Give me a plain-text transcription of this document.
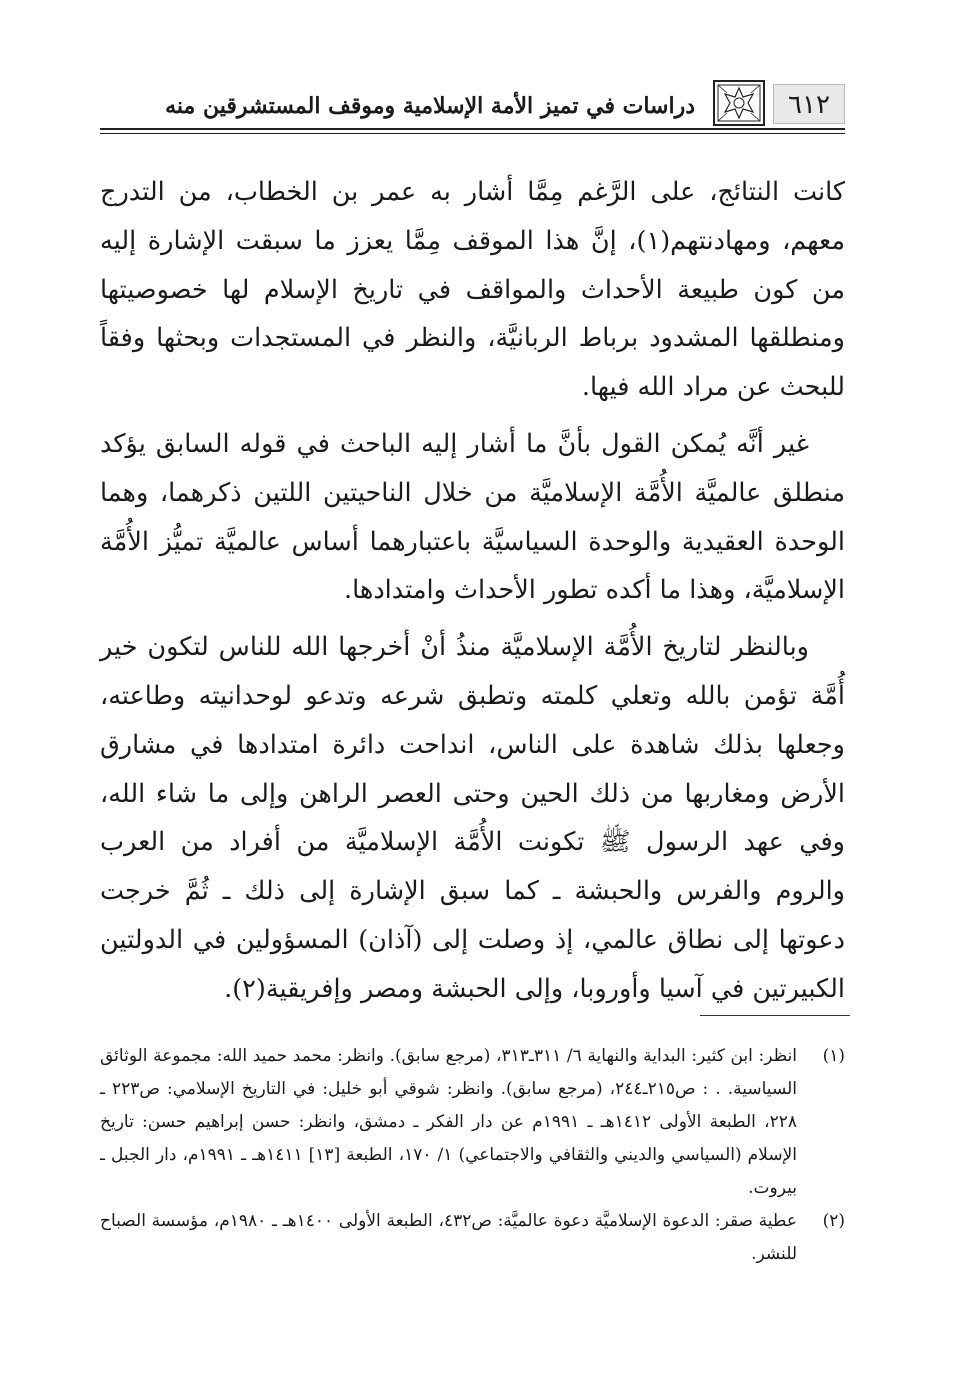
٦١٢
دراسات في تميز الأمة الإسلامية وموقف المستشرقين منه

كانت النتائج، على الرَّغم مِمَّا أشار به عمر بن الخطاب، من التدرج معهم، ومهادنتهم(١)، إنَّ هذا الموقف مِمَّا يعزز ما سبقت الإشارة إليه من كون طبيعة الأحداث والمواقف في تاريخ الإسلام لها خصوصيتها ومنطلقها المشدود برباط الربانيَّة، والنظر في المستجدات وبحثها وفقاً للبحث عن مراد الله فيها.

غير أنَّه يُمكن القول بأنَّ ما أشار إليه الباحث في قوله السابق يؤكد منطلق عالميَّة الأُمَّة الإسلاميَّة من خلال الناحيتين اللتين ذكرهما، وهما الوحدة العقيدية والوحدة السياسيَّة باعتبارهما أساس عالميَّة تميُّز الأُمَّة الإسلاميَّة، وهذا ما أكده تطور الأحداث وامتدادها.

وبالنظر لتاريخ الأُمَّة الإسلاميَّة منذُ أنْ أخرجها الله للناس لتكون خير أُمَّة تؤمن بالله وتعلي كلمته وتطبق شرعه وتدعو لوحدانيته وطاعته، وجعلها بذلك شاهدة على الناس، انداحت دائرة امتدادها في مشارق الأرض ومغاربها من ذلك الحين وحتى العصر الراهن وإلى ما شاء الله، وفي عهد الرسول ﷺ تكونت الأُمَّة الإسلاميَّة من أفراد من العرب والروم والفرس والحبشة ـ كما سبق الإشارة إلى ذلك ـ ثُمَّ خرجت دعوتها إلى نطاق عالمي، إذ وصلت إلى (آذان) المسؤولين في الدولتين الكبيرتين في آسيا وأوروبا، وإلى الحبشة ومصر وإفريقية(٢).

(١)
انظر: ابن كثير: البداية والنهاية ٦/ ٣١١ـ٣١٣، (مرجع سابق). وانظر: محمد حميد الله: مجموعة الوثائق السياسية. . : ص٢١٥ـ٢٤٤، (مرجع سابق). وانظر: شوقي أبو خليل: في التاريخ الإسلامي: ص٢٢٣ ـ ٢٢٨، الطبعة الأولى ١٤١٢هـ ـ ١٩٩١م عن دار الفكر ـ دمشق، وانظر: حسن إبراهيم حسن: تاريخ الإسلام (السياسي والديني والثقافي والاجتماعي) ١/ ١٧٠، الطبعة [١٣] ١٤١١هـ ـ ١٩٩١م، دار الجبل ـ بيروت.
(٢)
عطية صقر: الدعوة الإسلاميَّة دعوة عالميَّة: ص٤٣٢، الطبعة الأولى ١٤٠٠هـ ـ ١٩٨٠م، مؤسسة الصباح للنشر.
